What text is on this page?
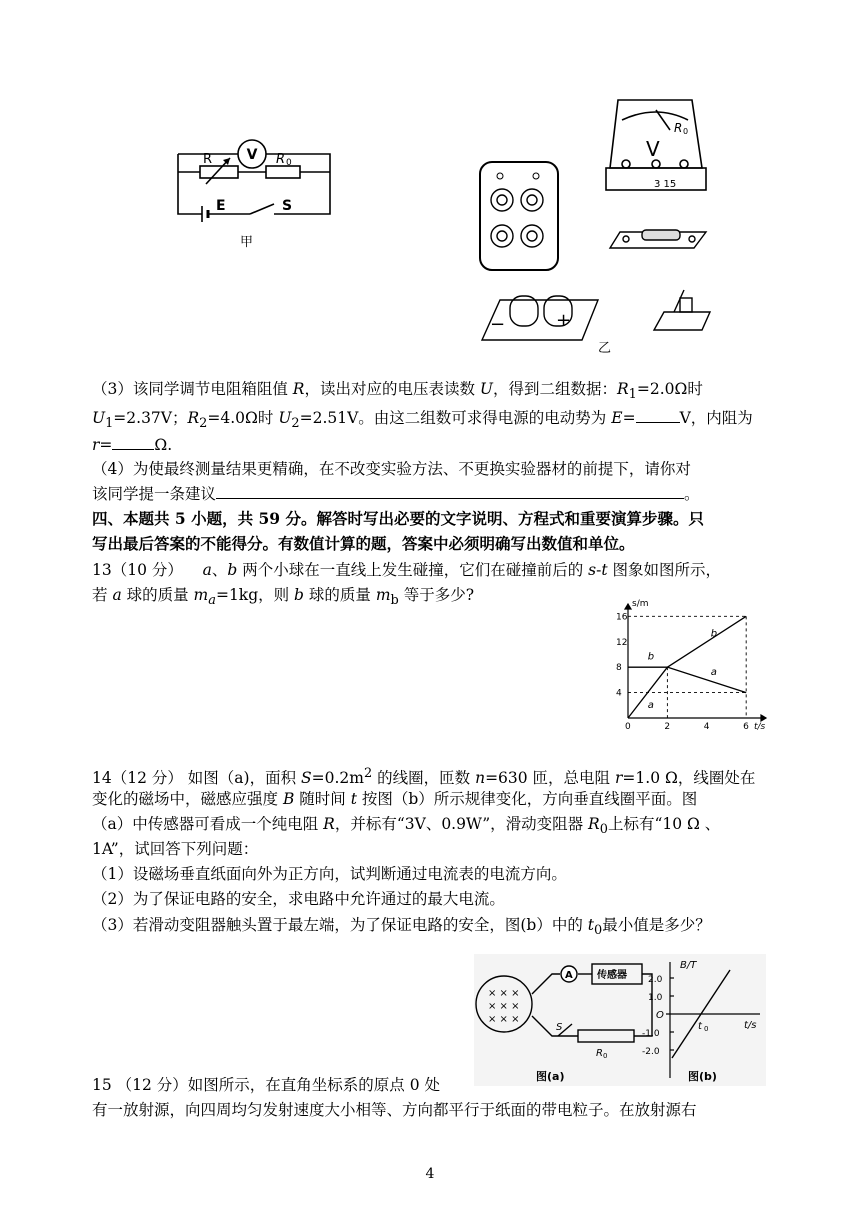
V
R	R 0
E	S
甲
V
R 0
3 15
−	+
乙
（3）该同学调节电阻箱阻值 R，读出对应的电压表读数 U，得到二组数据：$R_1=2.0\Omega$时
$U_1=2.37V$；$R_2=4.0\Omega$时 $U_2=2.51V$。由这二组数可求得电源的电动势为 E=	V，内阻为
r=	Ω.
（4）为使最终测量结果更精确，在不改变实验方法、不更换实验器材的前提下，请你对
该同学提一条建议	。
四、本题共 5 小题，共 59 分。解答时写出必要的文字说明、方程式和重要演算步骤。只
写出最后答案的不能得分。有数值计算的题，答案中必须明确写出数值和单位。
13（10 分） a、b 两个小球在一直线上发生碰撞，它们在碰撞前后的 s-t 图象如图所示，
若 a 球的质量 $m_a=1kg$，则 b 球的质量 $m_b$ 等于多少?
a
b
b
a
s/m
t/s
0	2	4	6
4
8
12
16
14（12 分） 如图（a)，面积 $S=0.2m^2$ 的线圈，匝数 n=630 匝，总电阻 r=1.0 Ω，线圈处在
变化的磁场中，磁感应强度 B 随时间 t 按图（b）所示规律变化，方向垂直线圈平面。图
（a）中传感器可看成一个纯电阻 R，并标有“3V、0.9W”，滑动变阻器 $R_0$上标有“10 Ω 、
1A”，试回答下列问题：
（1）设磁场垂直纸面向外为正方向，试判断通过电流表的电流方向。
（2）为了保证电路的安全，求电路中允许通过的最大电流。
（3）若滑动变阻器触头置于最左端，为了保证电路的安全，图(b）中的 $t_0$最小值是多少？
A 传感器
S
R 0
× × ×
× × ×
× × ×
B/T
t/s
2.0
1.0
O
-1.0
-2.0
t 0
图(a)	图(b)
15 （12 分）如图所示，在直角坐标系的原点 0 处
有一放射源，向四周均匀发射速度大小相等、方向都平行于纸面的带电粒子。在放射源右
4
